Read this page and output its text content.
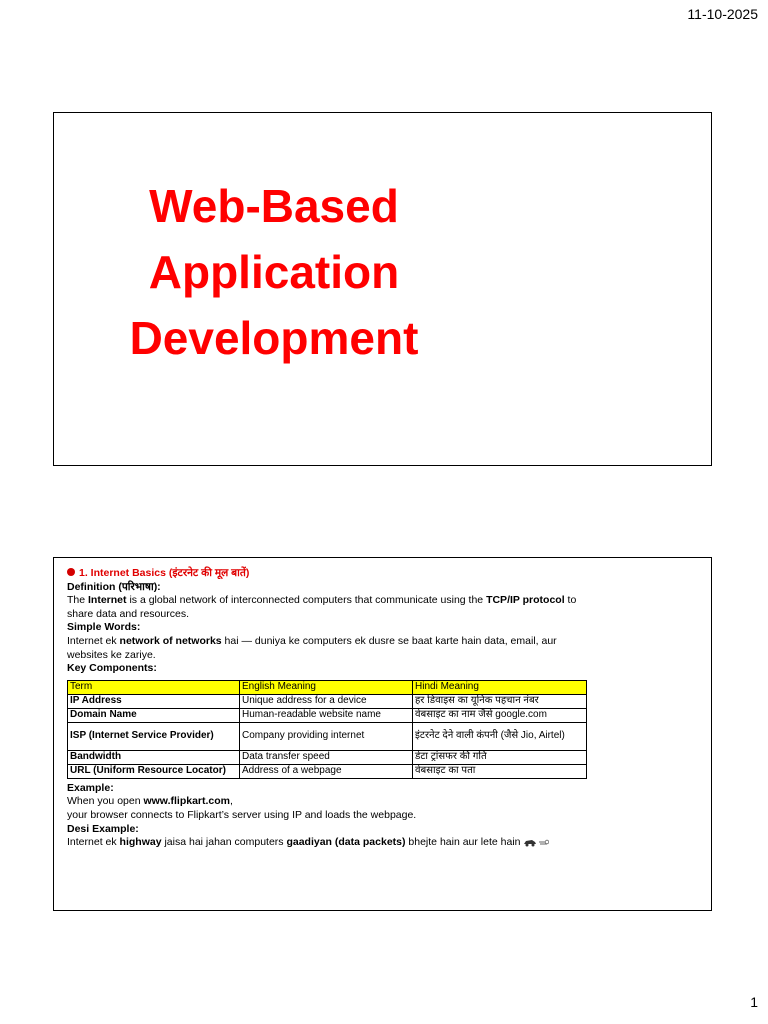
11-10-2025
Web-Based
Application
Development
1. Internet Basics (इंटरनेट की मूल बातें)
Definition (परिभाषा):
The Internet is a global network of interconnected computers that communicate using the TCP/IP protocol to share data and resources.
Simple Words:
Internet ek network of networks hai — duniya ke computers ek dusre se baat karte hain data, email, aur websites ke zariye.
Key Components:
Term	English Meaning	Hindi Meaning
IP Address	Unique address for a device	हर डिवाइस का यूनिक पहचान नंबर
Domain Name	Human-readable website name	वेबसाइट का नाम जैसे google.com
ISP (Internet Service Provider)	Company providing internet	इंटरनेट देने वाली कंपनी (जैसे Jio, Airtel)
Bandwidth	Data transfer speed	डेटा ट्रांसफर की गति
URL (Uniform Resource Locator)	Address of a webpage	वेबसाइट का पता
Example:
When you open www.flipkart.com,
your browser connects to Flipkart’s server using IP and loads the webpage.
Desi Example:
Internet ek highway jaisa hai jahan computers gaadiyan (data packets) bhejte hain aur lete hain
1
